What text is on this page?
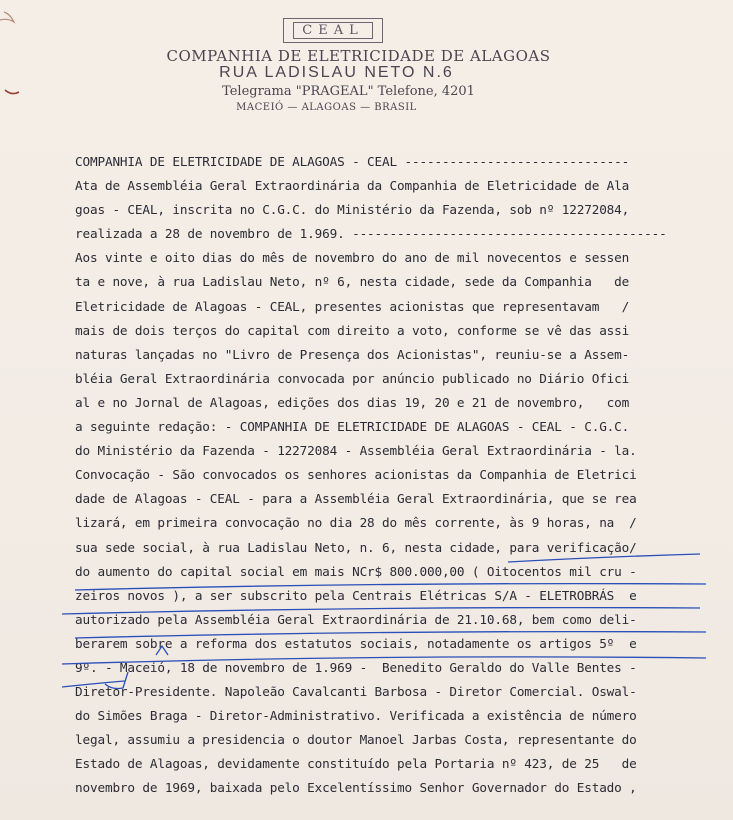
CEAL
COMPANHIA DE ELETRICIDADE DE ALAGOAS
RUA LADISLAU NETO N.6
Telegrama "PRAGEAL" Telefone, 4201
MACEIÓ — ALAGOAS — BRASIL
COMPANHIA DE ELETRICIDADE DE ALAGOAS - CEAL ------------------------------
Ata de Assembléia Geral Extraordinária da Companhia de Eletricidade de Ala
goas - CEAL, inscrita no C.G.C. do Ministério da Fazenda, sob nº 12272084,
realizada a 28 de novembro de 1.969. ------------------------------------------
Aos vinte e oito dias do mês de novembro do ano de mil novecentos e sessen
ta e nove, à rua Ladislau Neto, nº 6, nesta cidade, sede da Companhia   de
Eletricidade de Alagoas - CEAL, presentes acionistas que representavam   /
mais de dois terços do capital com direito a voto, conforme se vê das assi
naturas lançadas no "Livro de Presença dos Acionistas", reuniu-se a Assem-
bléia Geral Extraordinária convocada por anúncio publicado no Diário Ofici
al e no Jornal de Alagoas, edições dos dias 19, 20 e 21 de novembro,   com
a seguinte redação: - COMPANHIA DE ELETRICIDADE DE ALAGOAS - CEAL - C.G.C.
do Ministério da Fazenda - 12272084 - Assembléia Geral Extraordinária - la.
Convocação - São convocados os senhores acionistas da Companhia de Eletrici
dade de Alagoas - CEAL - para a Assembléia Geral Extraordinária, que se rea
lizará, em primeira convocação no dia 28 do mês corrente, às 9 horas, na  /
sua sede social, à rua Ladislau Neto, n. 6, nesta cidade, para verificação/
do aumento do capital social em mais NCr$ 800.000,00 ( Oitocentos mil cru -
zeiros novos ), a ser subscrito pela Centrais Elétricas S/A - ELETROBRÁS  e
autorizado pela Assembléia Geral Extraordinária de 21.10.68, bem como deli-
berarem sobre a reforma dos estatutos sociais, notadamente os artigos 5º  e
9º. - Maceió, 18 de novembro de 1.969 -  Benedito Geraldo do Valle Bentes -
Diretor-Presidente. Napoleão Cavalcanti Barbosa - Diretor Comercial. Oswal-
do Simões Braga - Diretor-Administrativo. Verificada a existência de número
legal, assumiu a presidencia o doutor Manoel Jarbas Costa, representante do
Estado de Alagoas, devidamente constituído pela Portaria nº 423, de 25   de
novembro de 1969, baixada pelo Excelentíssimo Senhor Governador do Estado ,
